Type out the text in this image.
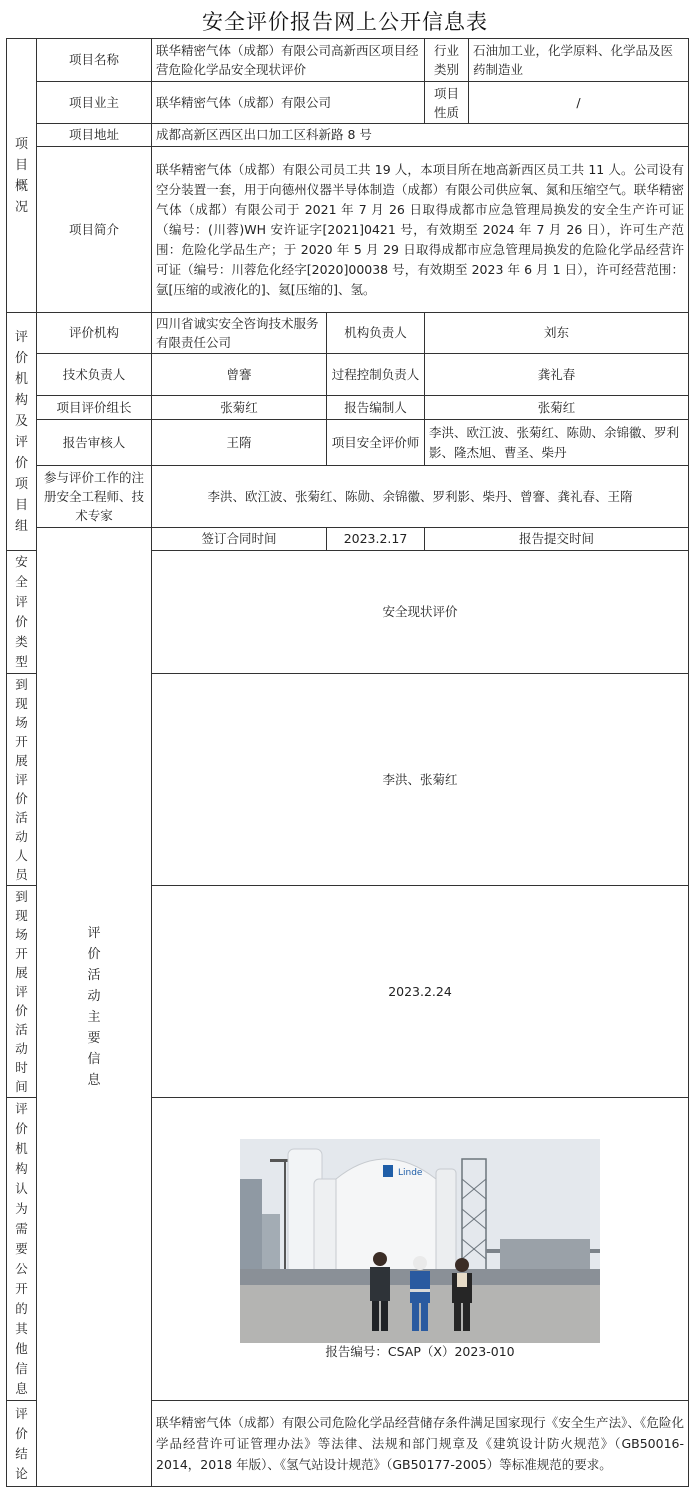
安全评价报告网上公开信息表
项目概况	项目名称	联华精密气体（成都）有限公司高新西区项目经营危险化学品安全现状评价		行业类别	石油加工业，化学原料、化学品及医药制造业	
	项目业主	联华精密气体（成都）有限公司		项目性质	/	
	项目地址	成都高新区西区出口加工区科新路 8 号				
	项目简介	联华精密气体（成都）有限公司员工共 19 人，本项目所在地高新西区员工共 11 人。公司设有空分装置一套，用于向德州仪器半导体制造（成都）有限公司供应氧、氮和压缩空气。联华精密气体（成都）有限公司于 2021 年 7 月 26 日取得成都市应急管理局换发的安全生产许可证（编号：(川蓉)WH 安许证字[2021]0421 号，有效期至 2024 年 7 月 26 日），许可生产范围：危险化学品生产；于 2020 年 5 月 29 日取得成都市应急管理局换发的危险化学品经营许可证（编号：川蓉危化经字[2020]00038 号，有效期至 2023 年 6 月 1 日），许可经营范围：氩[压缩的或液化的]、氦[压缩的]、氢。				
评价机构及评价项目组	评价机构	四川省诚实安全咨询技术服务有限责任公司	机构负责人	刘东		
	技术负责人	曾謇	过程控制负责人	龚礼春		
	项目评价组长	张菊红	报告编制人	张菊红		
	报告审核人	王隋	项目安全评价师	李洪、欧江波、张菊红、陈勋、余锦徽、罗利影、隆杰旭、曹圣、柴丹		
	参与评价工作的注册安全工程师、技术专家	李洪、欧江波、张菊红、陈勋、余锦徽、罗利影、柴丹、曾謇、龚礼春、王隋				
	评价活动主要信息	签订合同时间	2023.2.17	报告提交时间	
安全评价类型		安全现状评价				
到现场开展评价活动人员		李洪、张菊红				
到现场开展评价活动时间		2023.2.24				
评价机构认为需要公开的其他信息		Linde
报告编号：CSAP（X）2023-010				

评价结论		联华精密气体（成都）有限公司危险化学品经营储存条件满足国家现行《安全生产法》、《危险化学品经营许可证管理办法》等法律、法规和部门规章及《建筑设计防火规范》（GB50016-2014，2018 年版）、《氢气站设计规范》（GB50177-2005）等标准规范的要求。				
